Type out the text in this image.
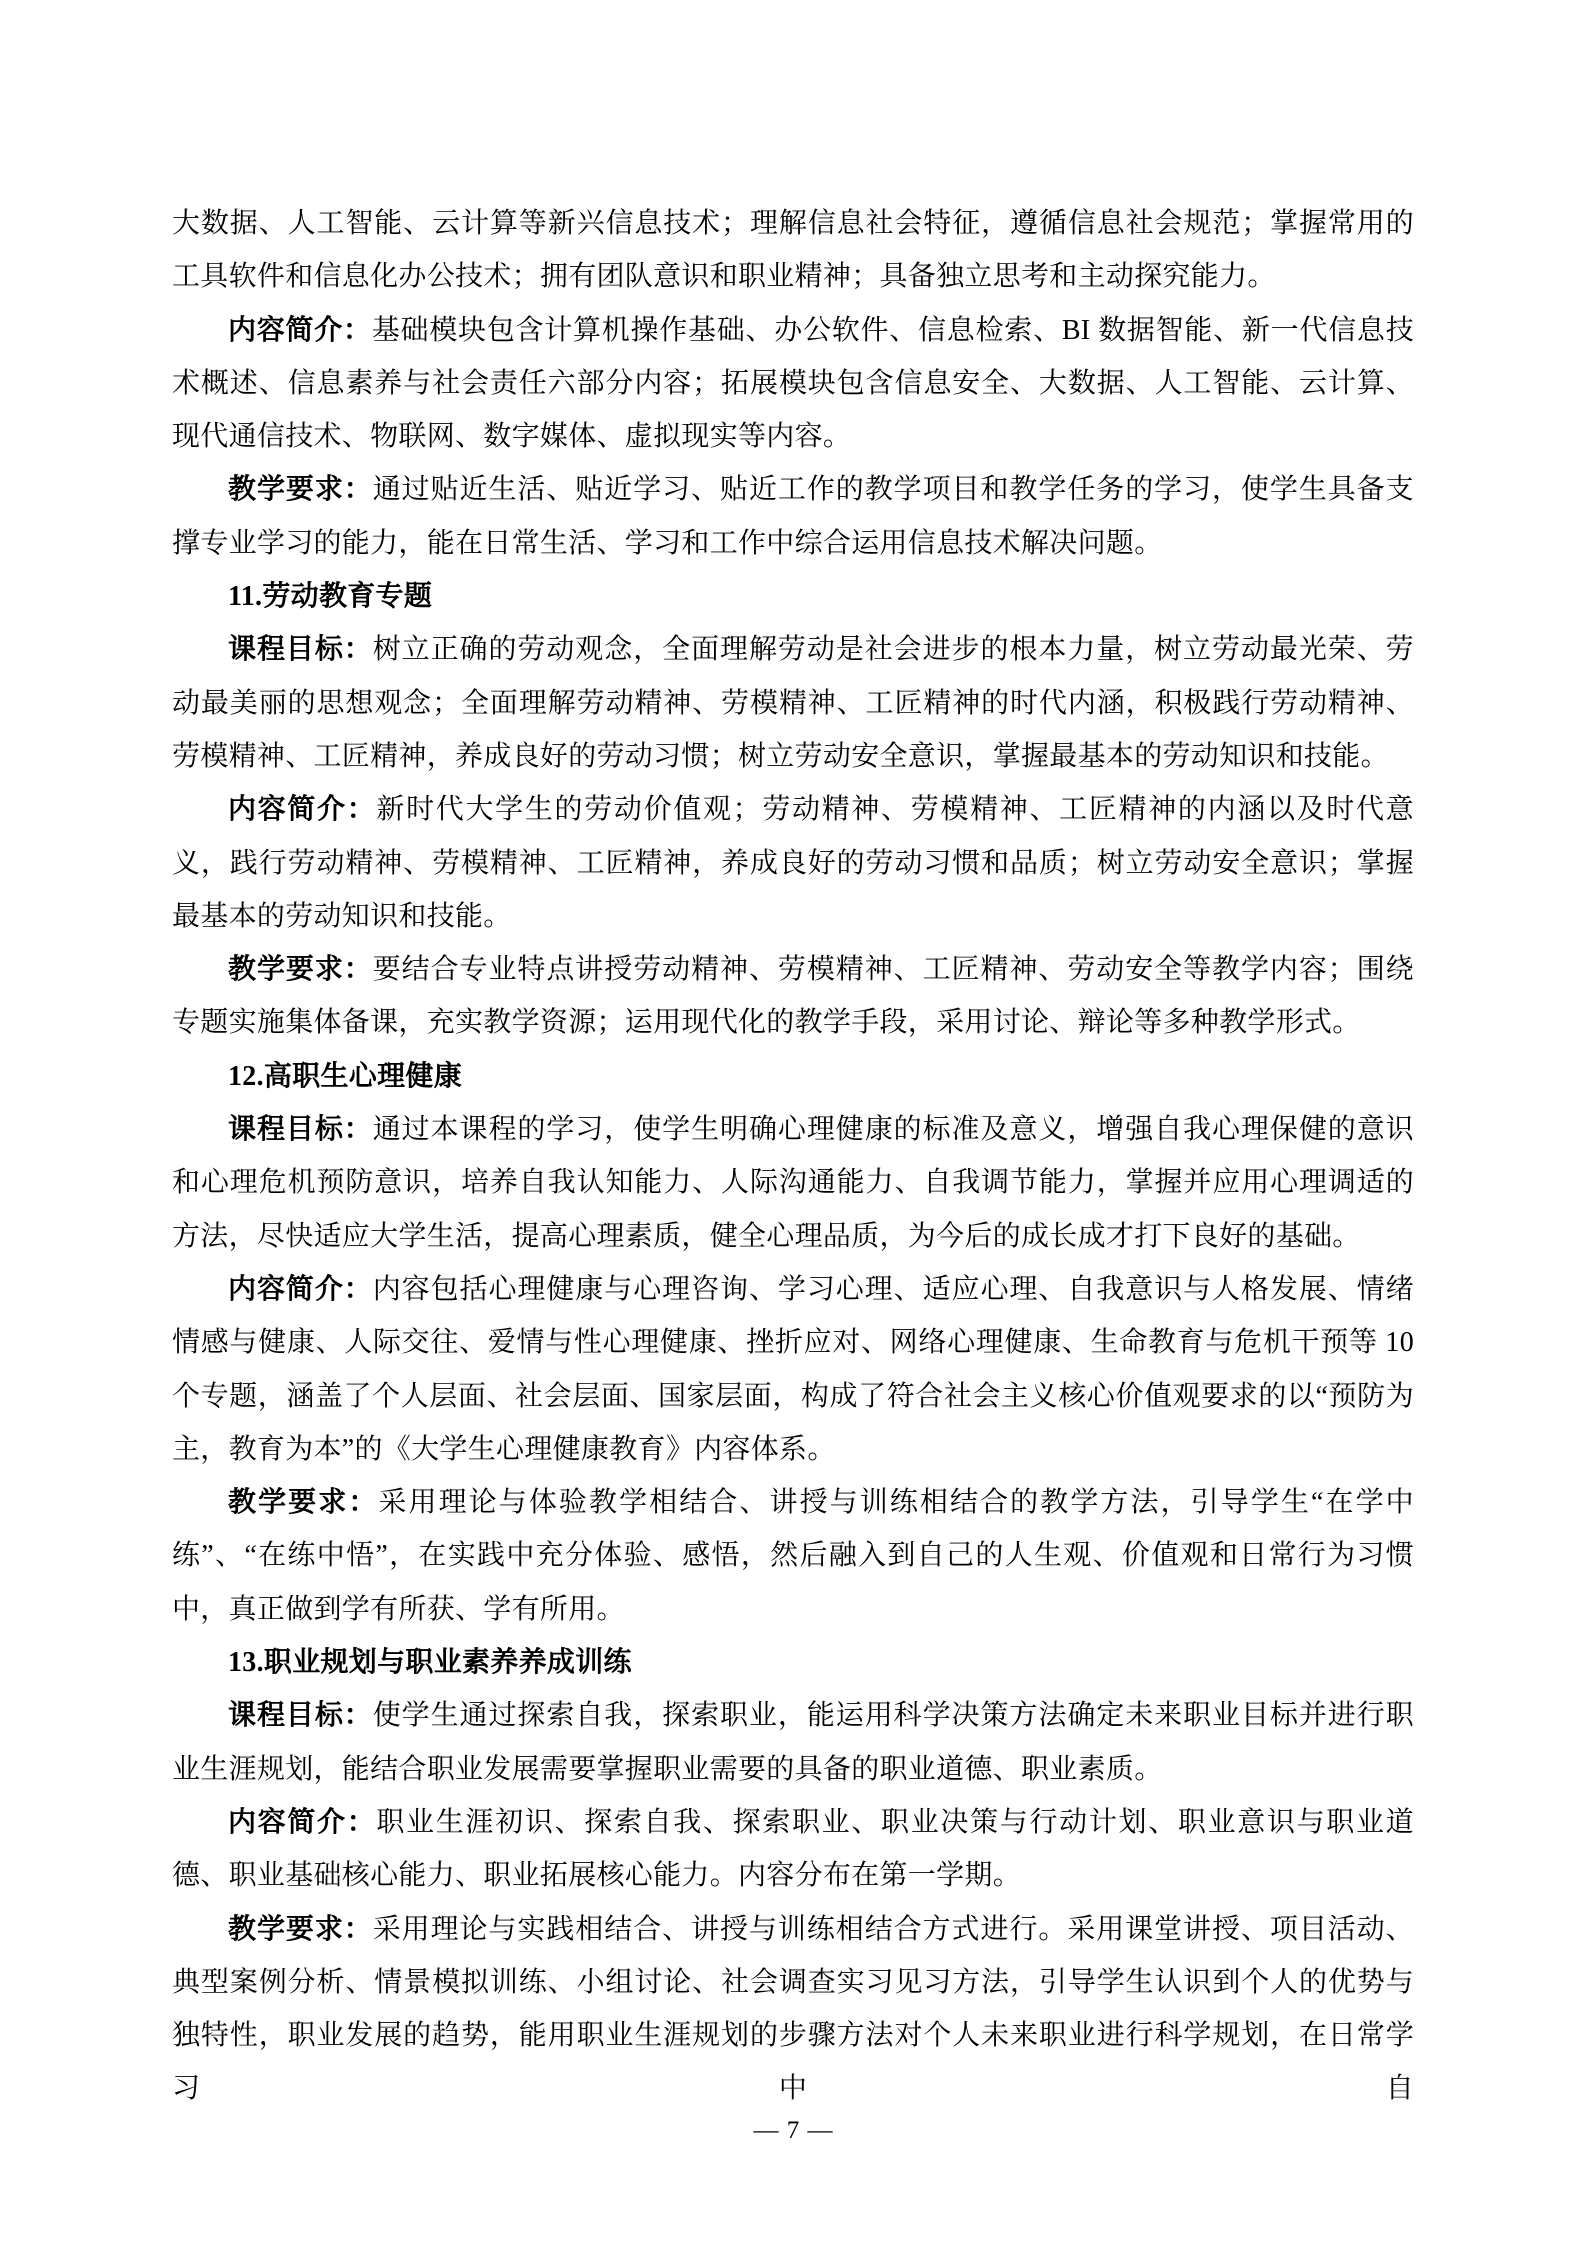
大数据、人工智能、云计算等新兴信息技术；理解信息社会特征，遵循信息社会规范；掌握常用的工具软件和信息化办公技术；拥有团队意识和职业精神；具备独立思考和主动探究能力。

内容简介：基础模块包含计算机操作基础、办公软件、信息检索、BI 数据智能、新一代信息技术概述、信息素养与社会责任六部分内容；拓展模块包含信息安全、大数据、人工智能、云计算、现代通信技术、物联网、数字媒体、虚拟现实等内容。

教学要求：通过贴近生活、贴近学习、贴近工作的教学项目和教学任务的学习，使学生具备支撑专业学习的能力，能在日常生活、学习和工作中综合运用信息技术解决问题。

11.劳动教育专题

课程目标：树立正确的劳动观念，全面理解劳动是社会进步的根本力量，树立劳动最光荣、劳动最美丽的思想观念；全面理解劳动精神、劳模精神、工匠精神的时代内涵，积极践行劳动精神、劳模精神、工匠精神，养成良好的劳动习惯；树立劳动安全意识，掌握最基本的劳动知识和技能。

内容简介：新时代大学生的劳动价值观；劳动精神、劳模精神、工匠精神的内涵以及时代意义，践行劳动精神、劳模精神、工匠精神，养成良好的劳动习惯和品质；树立劳动安全意识；掌握最基本的劳动知识和技能。

教学要求：要结合专业特点讲授劳动精神、劳模精神、工匠精神、劳动安全等教学内容；围绕专题实施集体备课，充实教学资源；运用现代化的教学手段，采用讨论、辩论等多种教学形式。

12.高职生心理健康

课程目标：通过本课程的学习，使学生明确心理健康的标准及意义，增强自我心理保健的意识和心理危机预防意识，培养自我认知能力、人际沟通能力、自我调节能力，掌握并应用心理调适的方法，尽快适应大学生活，提高心理素质，健全心理品质，为今后的成长成才打下良好的基础。

内容简介：内容包括心理健康与心理咨询、学习心理、适应心理、自我意识与人格发展、情绪情感与健康、人际交往、爱情与性心理健康、挫折应对、网络心理健康、生命教育与危机干预等 10 个专题，涵盖了个人层面、社会层面、国家层面，构成了符合社会主义核心价值观要求的以“预防为主，教育为本”的《大学生心理健康教育》内容体系。

教学要求：采用理论与体验教学相结合、讲授与训练相结合的教学方法，引导学生“在学中练”、“在练中悟”，在实践中充分体验、感悟，然后融入到自己的人生观、价值观和日常行为习惯中，真正做到学有所获、学有所用。

13.职业规划与职业素养养成训练

课程目标：使学生通过探索自我，探索职业，能运用科学决策方法确定未来职业目标并进行职业生涯规划，能结合职业发展需要掌握职业需要的具备的职业道德、职业素质。

内容简介：职业生涯初识、探索自我、探索职业、职业决策与行动计划、职业意识与职业道德、职业基础核心能力、职业拓展核心能力。内容分布在第一学期。

教学要求：采用理论与实践相结合、讲授与训练相结合方式进行。采用课堂讲授、项目活动、典型案例分析、情景模拟训练、小组讨论、社会调查实习见习方法，引导学生认识到个人的优势与独特性，职业发展的趋势，能用职业生涯规划的步骤方法对个人未来职业进行科学规划，在日常学习中自

— 7 —
